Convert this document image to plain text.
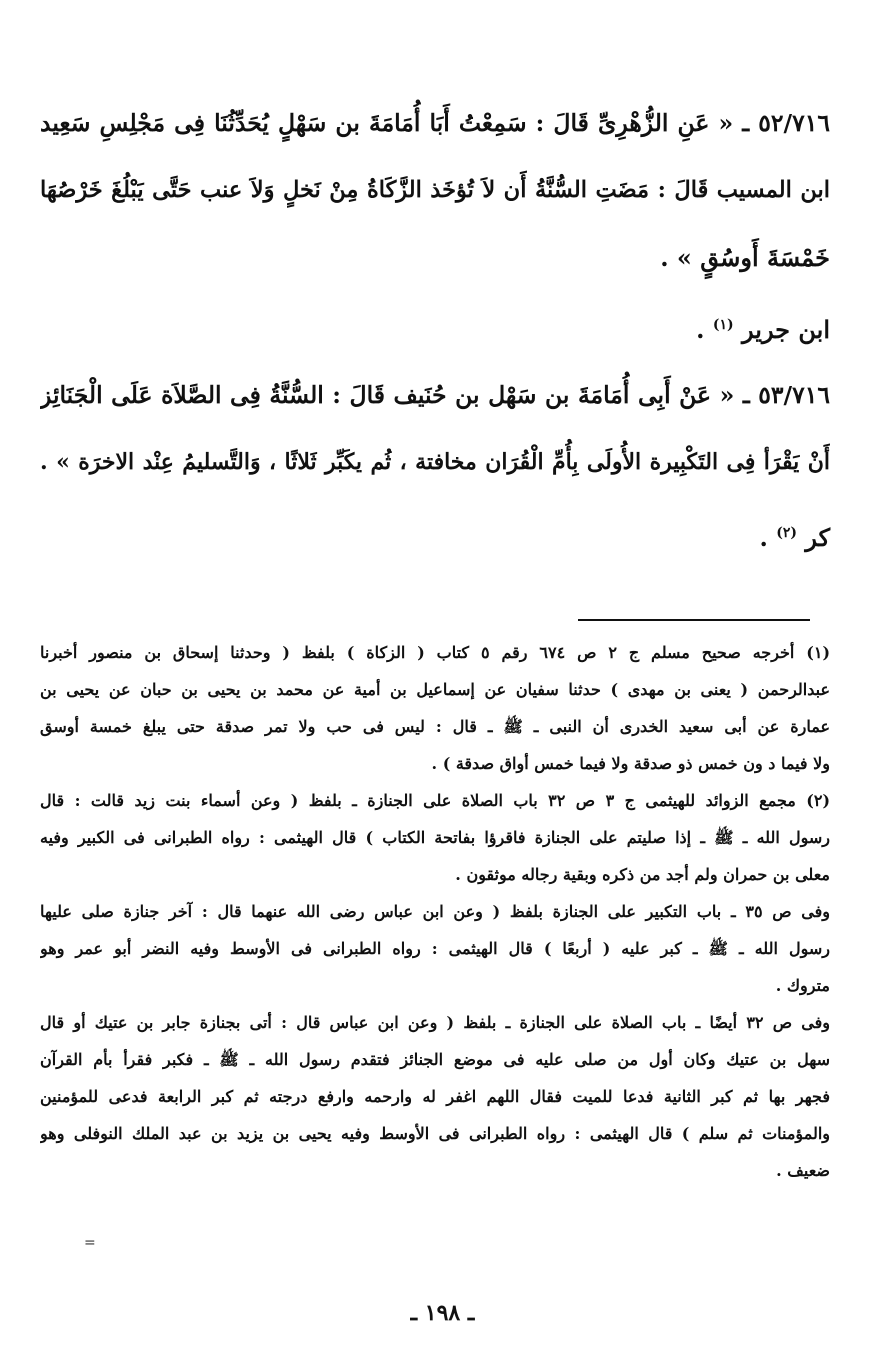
٥٢/٧١٦ ـ « عَنِ الزُّهْرِىِّ قَالَ : سَمِعْتُ أَبَا أُمَامَةَ بن سَهْلٍ يُحَدِّثُنَا فِى مَجْلِسِ سَعِيد
ابن المسيب قَالَ : مَضَتِ السُّنَّةُ أَن لاَ تُؤخَذ الزَّكَاةُ مِنْ نَخلٍ وَلاَ عنب حَتَّى يَبْلُغَ خَرْصُهَا
خَمْسَةَ أَوسُقٍ » .
ابن جرير $^{(١)}$ .
٥٣/٧١٦ ـ « عَنْ أَبِى أُمَامَةَ بن سَهْل بن حُنَيف قَالَ : السُّنَّةُ فِى الصَّلاَة عَلَى الْجَنَائِز
أَنْ يَقْرَأ فِى التَكْبِيرة الأُولَى بِأُمِّ الْقُرَان مخافتة ، ثُم يكَبِّر ثَلاثًا ، وَالتَّسليمُ عِنْد الاخرَة » .
كر $^{(٢)}$ .
(١) أخرجه صحيح مسلم ج ٢ ص ٦٧٤ رقم ٥ كتاب ( الزكاة ) بلفظ ( وحدثنا إسحاق بن منصور أخبرنا
عبدالرحمن ( يعنى بن مهدى ) حدثنا سفيان عن إسماعيل بن أمية عن محمد بن يحيى بن حبان عن يحيى بن
عمارة عن أبى سعيد الخدرى أن النبى ـ ﷺ ـ قال : ليس فى حب ولا تمر صدقة حتى يبلغ خمسة أوسق
ولا فيما د ون خمس ذو صدقة ولا فيما خمس أواق صدقة ) .
(٢) مجمع الزوائد للهيثمى ج ٣ ص ٣٢ باب الصلاة على الجنازة ـ بلفظ ( وعن أسماء بنت زيد قالت : قال
رسول الله ـ ﷺ ـ إذا صليتم على الجنازة فاقرؤا بفاتحة الكتاب ) قال الهيثمى : رواه الطبرانى فى الكبير وفيه
معلى بن حمران ولم أجد من ذكره وبقية رجاله موثقون .
وفى ص ٣٥ ـ باب التكبير على الجنازة بلفظ ( وعن ابن عباس رضى الله عنهما قال : آخر جنازة صلى عليها
رسول الله ـ ﷺ ـ كبر عليه ( أربعًا ) قال الهيثمى : رواه الطبرانى فى الأوسط وفيه النضر أبو عمر وهو
متروك .
وفى ص ٣٢ أيضًا ـ باب الصلاة على الجنازة ـ بلفظ ( وعن ابن عباس قال : أتى بجنازة جابر بن عتيك أو قال
سهل بن عتيك وكان أول من صلى عليه فى موضع الجنائز فتقدم رسول الله ـ ﷺ ـ فكبر فقرأ بأم القرآن
فجهر بها ثم كبر الثانية فدعا للميت فقال اللهم اغفر له وارحمه وارفع درجته ثم كبر الرابعة فدعى للمؤمنين
والمؤمنات ثم سلم ) قال الهيثمى : رواه الطبرانى فى الأوسط وفيه يحيى بن يزيد بن عبد الملك النوفلى وهو
ضعيف .
=
ـ ١٩٨ ـ
